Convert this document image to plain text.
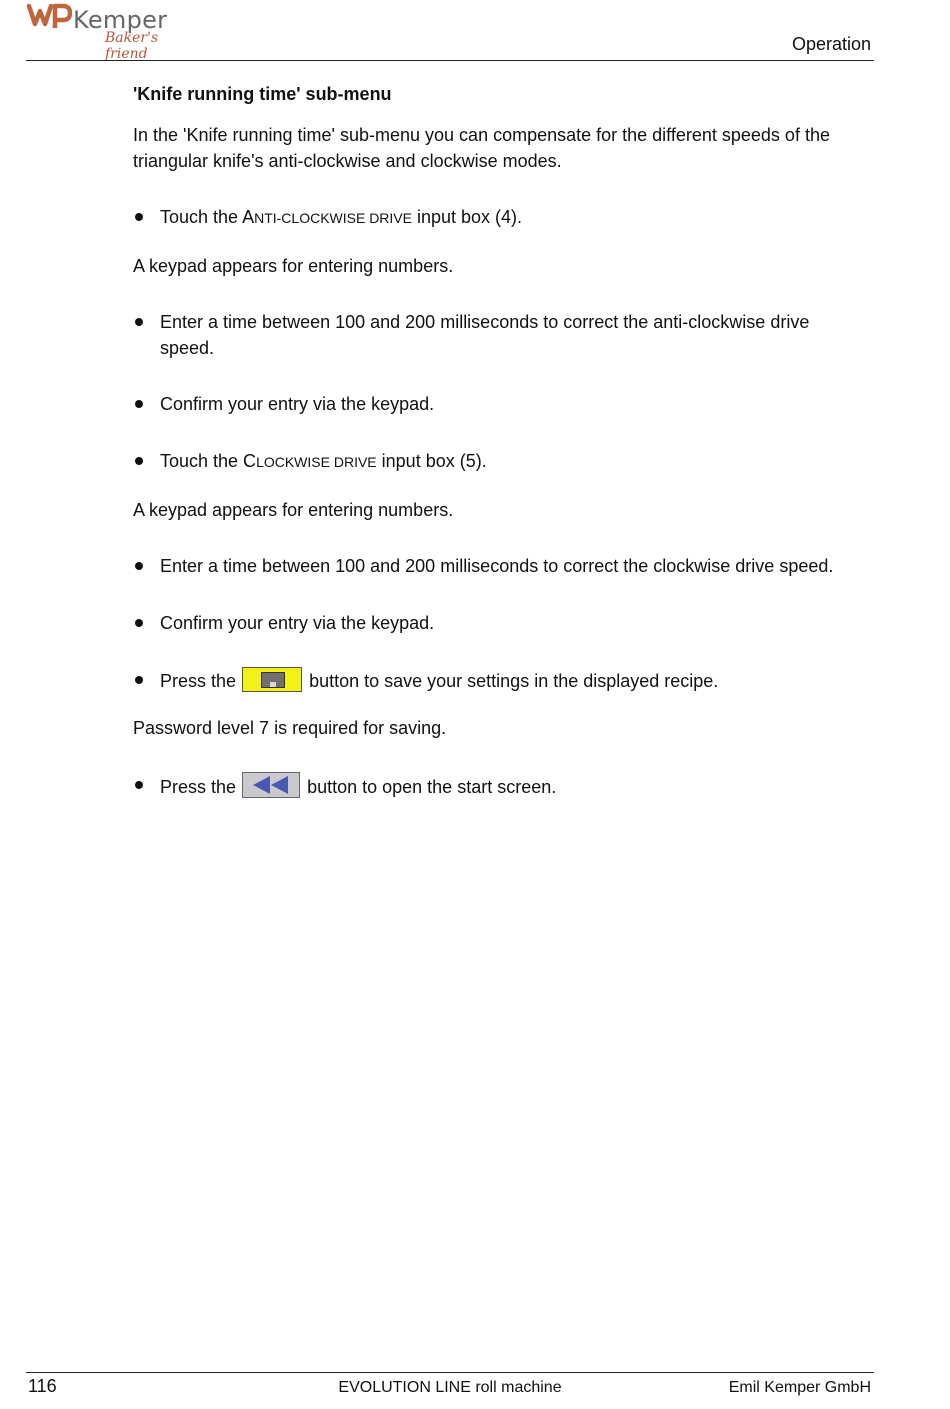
Kemper
Baker's friend	Operation
'Knife running time' sub-menu

In the 'Knife running time' sub-menu you can compensate for the different speeds of the triangular knife's anti-clockwise and clockwise modes.

Touch the ANTI-CLOCKWISE DRIVE input box (4).

A keypad appears for entering numbers.

Enter a time between 100 and 200 milliseconds to correct the anti-clockwise drive speed.
Confirm your entry via the keypad.
Touch the CLOCKWISE DRIVE input box (5).

A keypad appears for entering numbers.

Enter a time between 100 and 200 milliseconds to correct the clockwise drive speed.
Confirm your entry via the keypad.
Press the	button to save your settings in the displayed recipe.

Password level 7 is required for saving.

Press the	button to open the start screen.
116	EVOLUTION LINE roll machine	Emil Kemper GmbH
